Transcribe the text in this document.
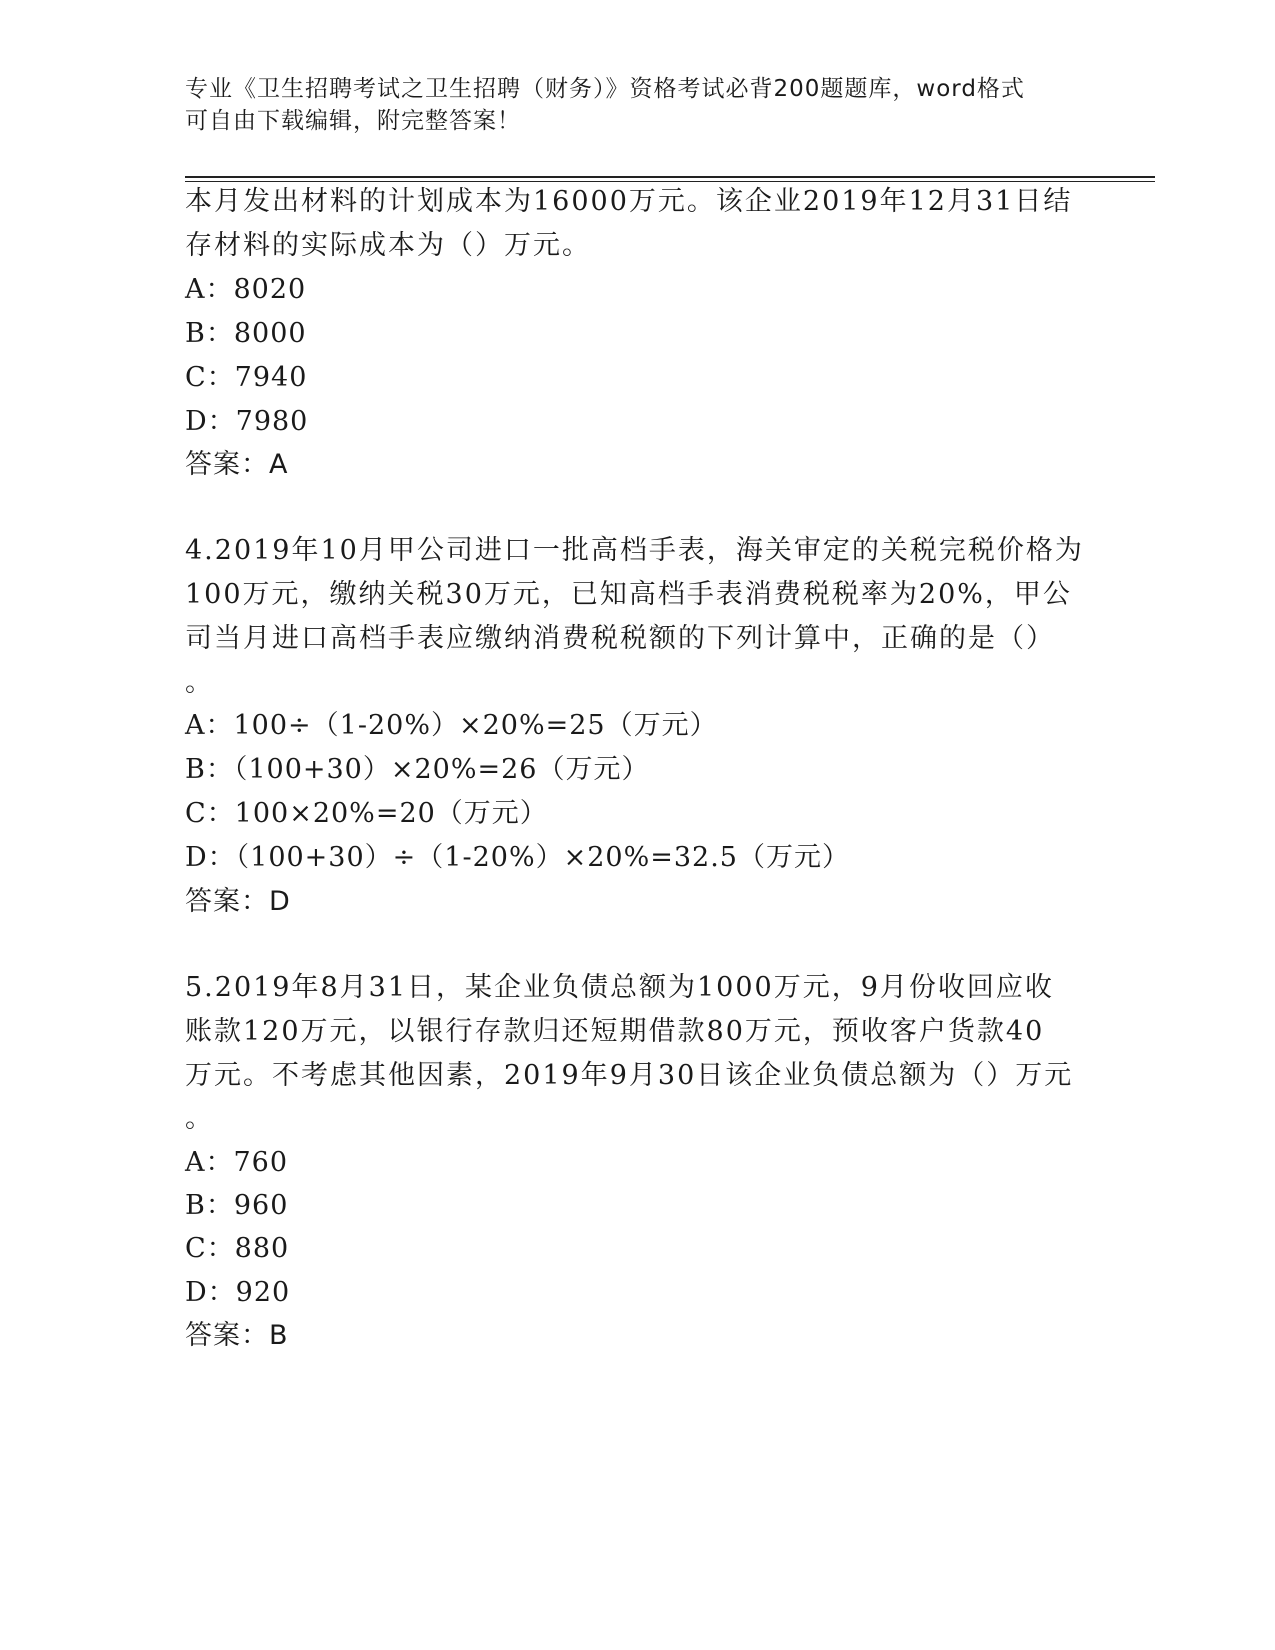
专业《卫生招聘考试之卫生招聘（财务）》资格考试必背200题题库，word格式
可自由下载编辑，附完整答案！
本月发出材料的计划成本为16000万元。该企业2019年12月31日结
存材料的实际成本为（）万元。
A：8020
B：8000
C：7940
D：7980
答案：A
4.2019年10月甲公司进口一批高档手表，海关审定的关税完税价格为
100万元，缴纳关税30万元，已知高档手表消费税税率为20%，甲公
司当月进口高档手表应缴纳消费税税额的下列计算中，正确的是（）
。
A：100÷（1-20%）×20%=25（万元）
B：（100+30）×20%=26（万元）
C：100×20%=20（万元）
D：（100+30）÷（1-20%）×20%=32.5（万元）
答案：D
5.2019年8月31日，某企业负债总额为1000万元，9月份收回应收
账款120万元，以银行存款归还短期借款80万元，预收客户货款40
万元。不考虑其他因素，2019年9月30日该企业负债总额为（）万元
。
A：760
B：960
C：880
D：920
答案：B
